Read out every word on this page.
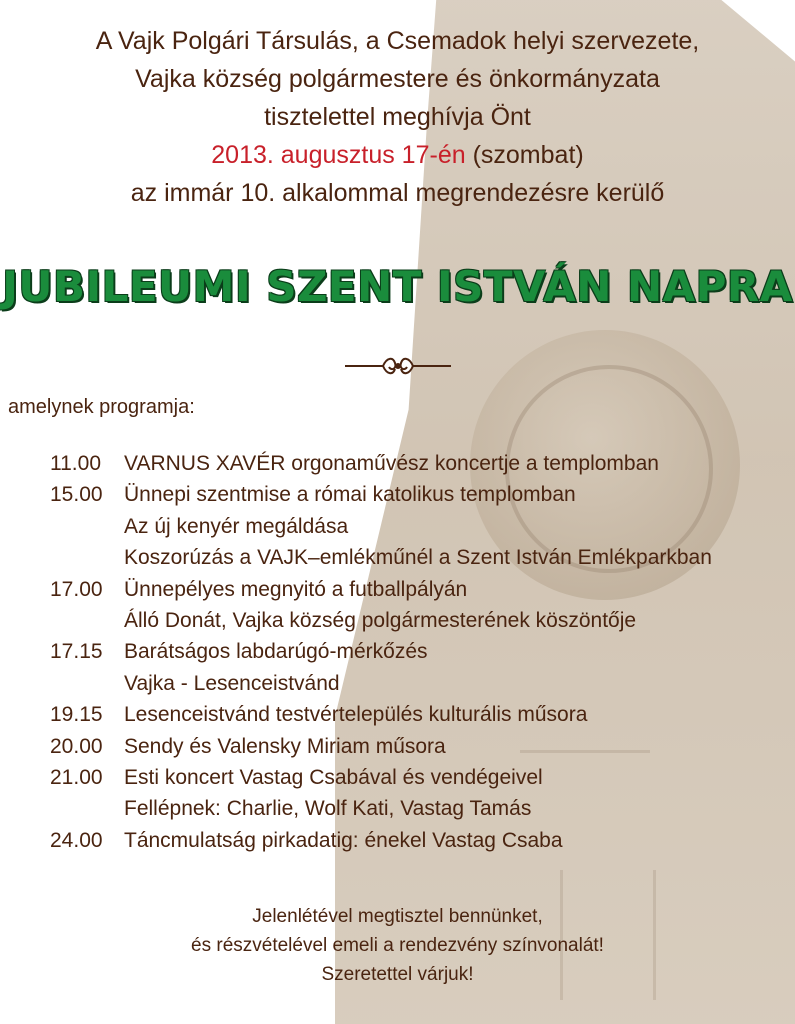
A Vajk Polgári Társulás, a Csemadok helyi szervezete,
Vajka község polgármestere és önkormányzata
tisztelettel meghívja Önt
2013. augusztus 17-én (szombat)
az immár 10. alkalommal megrendezésre kerülő
JUBILEUMI SZENT ISTVÁN NAPRA
amelynek programja:
11.00	VARNUS XAVÉR orgonaművész koncertje a templomban
15.00	Ünnepi szentmise a római katolikus templomban
Az új kenyér megáldása
Koszorúzás a VAJK–emlékműnél a Szent István Emlékparkban
17.00	Ünnepélyes megnyitó a futballpályán
Álló Donát, Vajka község polgármesterének köszöntője
17.15	Barátságos labdarúgó-mérkőzés
Vajka - Lesenceistvánd
19.15	Lesenceistvánd testvértelepülés kulturális műsora
20.00	Sendy és Valensky Miriam műsora
21.00	Esti koncert Vastag Csabával és vendégeivel
Fellépnek: Charlie, Wolf Kati, Vastag Tamás
24.00	Táncmulatság pirkadatig: énekel Vastag Csaba
Jelenlétével megtisztel bennünket,
és részvételével emeli a rendezvény színvonalát!
Szeretettel várjuk!
